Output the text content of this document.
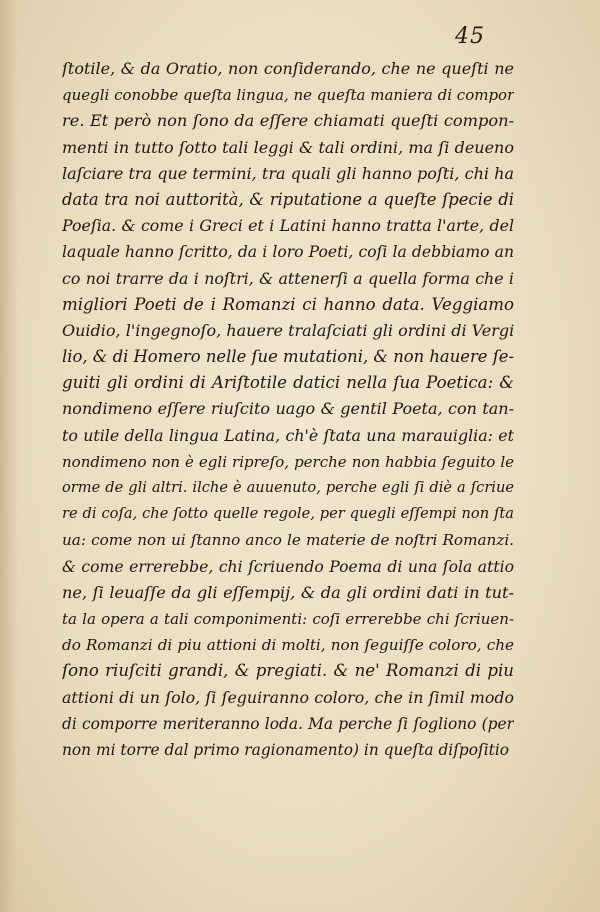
45
ſtotile, & da Oratio, non conſiderando, che ne queſti ne
quegli conobbe queſta lingua, ne queſta maniera di compor
re. Et però non ſono da eſſere chiamati queſti compon-
menti in tutto ſotto tali leggi & tali ordini, ma ſi deueno
laſciare tra que termini, tra quali gli hanno poſti, chi ha
data tra noi auttorità, & riputatione a queſte ſpecie di
Poeſia. & come i Greci et i Latini hanno tratta l'arte, del
laquale hanno ſcritto, da i loro Poeti, coſi la debbiamo an
co noi trarre da i noſtri, & attenerſi a quella forma che i
migliori Poeti de i Romanzi ci hanno data. Veggiamo
Ouidio, l'ingegnoſo, hauere tralaſciati gli ordini di Vergi
lio, & di Homero nelle ſue mutationi, & non hauere ſe-
guiti gli ordini di Ariſtotile datici nella ſua Poetica: &
nondimeno eſſere riuſcito uago & gentil Poeta, con tan-
to utile della lingua Latina, ch'è ſtata una marauiglia: et
nondimeno non è egli ripreſo, perche non habbia ſeguito le
orme de gli altri. ilche è auuenuto, perche egli ſi diè a ſcriue
re di coſa, che ſotto quelle regole, per quegli eſſempi non ſta
ua: come non ui ſtanno anco le materie de noſtri Romanzi.
& come errerebbe, chi ſcriuendo Poema di una ſola attio
ne, ſi leuaſſe da gli eſſempij, & da gli ordini dati in tut-
ta la opera a tali componimenti: coſi errerebbe chi ſcriuen-
do Romanzi di piu attioni di molti, non ſeguiſſe coloro, che
ſono riuſciti grandi, & pregiati. & ne' Romanzi di piu
attioni di un ſolo, ſi ſeguiranno coloro, che in ſimil modo
di comporre meriteranno loda. Ma perche ſi ſogliono (per
non mi torre dal primo ragionamento) in queſta diſpoſitio
